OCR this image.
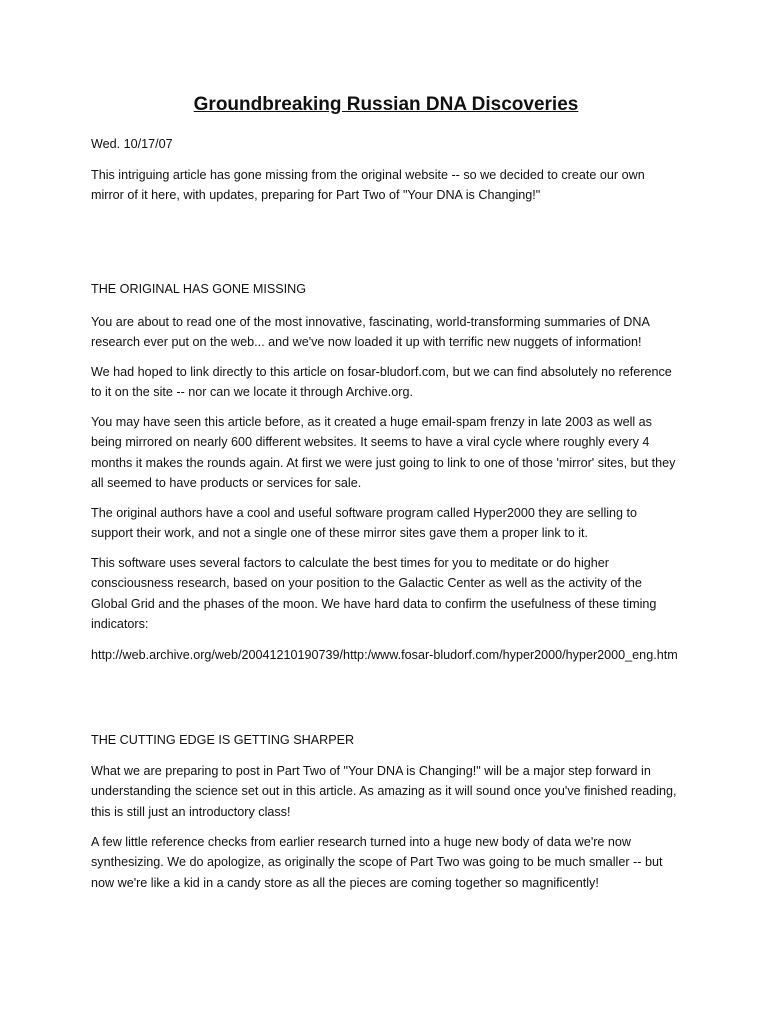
Groundbreaking Russian DNA Discoveries

Wed. 10/17/07

This intriguing article has gone missing from the original website -- so we decided to create our own mirror of it here, with updates, preparing for Part Two of "Your DNA is Changing!"

THE ORIGINAL HAS GONE MISSING

You are about to read one of the most innovative, fascinating, world-transforming summaries of DNA research ever put on the web... and we've now loaded it up with terrific new nuggets of information!

We had hoped to link directly to this article on fosar-bludorf.com, but we can find absolutely no reference to it on the site -- nor can we locate it through Archive.org.

You may have seen this article before, as it created a huge email-spam frenzy in late 2003 as well as being mirrored on nearly 600 different websites. It seems to have a viral cycle where roughly every 4 months it makes the rounds again. At first we were just going to link to one of those 'mirror' sites, but they all seemed to have products or services for sale.

The original authors have a cool and useful software program called Hyper2000 they are selling to support their work, and not a single one of these mirror sites gave them a proper link to it.

This software uses several factors to calculate the best times for you to meditate or do higher consciousness research, based on your position to the Galactic Center as well as the activity of the Global Grid and the phases of the moon. We have hard data to confirm the usefulness of these timing indicators:

http://web.archive.org/web/20041210190739/http:/www.fosar-bludorf.com/hyper2000/hyper2000_eng.htm

THE CUTTING EDGE IS GETTING SHARPER

What we are preparing to post in Part Two of "Your DNA is Changing!" will be a major step forward in understanding the science set out in this article. As amazing as it will sound once you've finished reading, this is still just an introductory class!

A few little reference checks from earlier research turned into a huge new body of data we're now synthesizing. We do apologize, as originally the scope of Part Two was going to be much smaller -- but now we're like a kid in a candy store as all the pieces are coming together so magnificently!
